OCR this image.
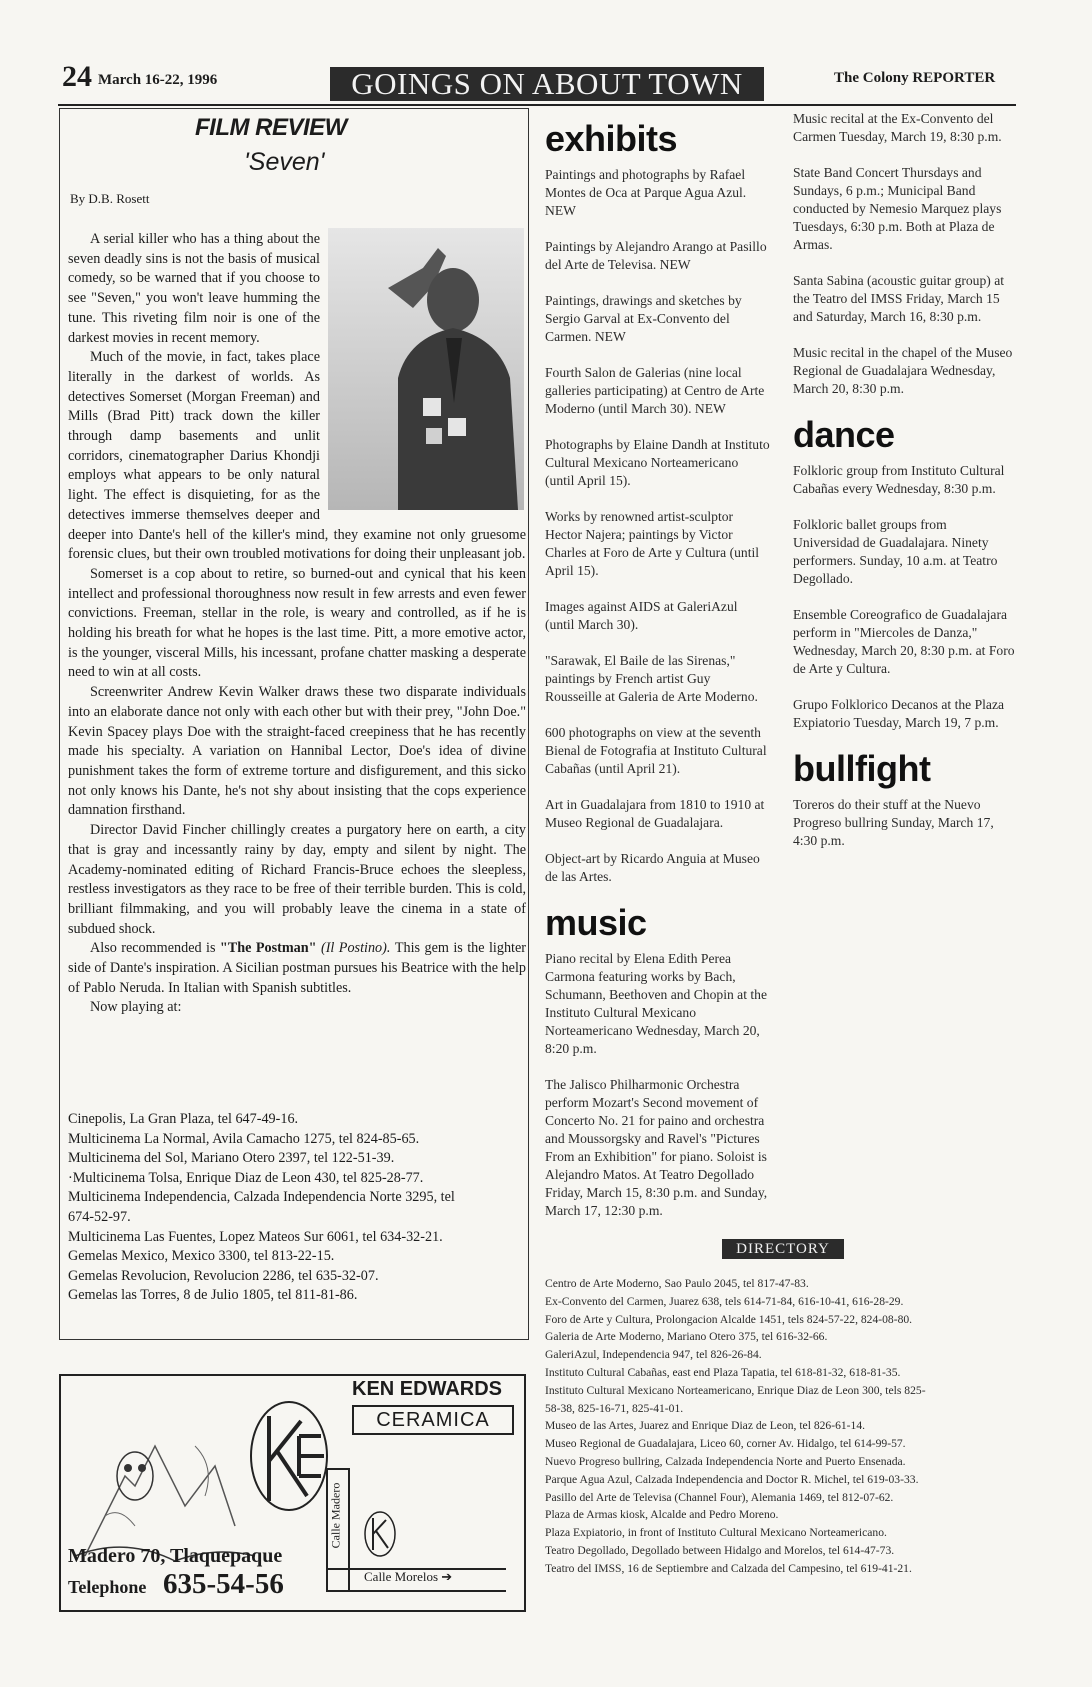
24 March 16-22, 1996	GOINGS ON ABOUT TOWN	The Colony REPORTER
FILM REVIEW
'Seven'
By D.B. Rosett

A serial killer who has a thing about the seven deadly sins is not the basis of musical comedy, so be warned that if you choose to see "Seven," you won't leave humming the tune. This riveting film noir is one of the darkest movies in recent memory.

Much of the movie, in fact, takes place literally in the darkest of worlds. As detectives Somerset (Morgan Freeman) and Mills (Brad Pitt) track down the killer through damp basements and unlit corridors, cinematographer Darius Khondji employs what appears to be only natural light. The effect is disquieting, for as the detectives immerse themselves deeper and deeper into Dante's hell of the killer's mind, they examine not only gruesome forensic clues, but their own troubled motivations for doing their unpleasant job.

Somerset is a cop about to retire, so burned-out and cynical that his keen intellect and professional thoroughness now result in few arrests and even fewer convictions. Freeman, stellar in the role, is weary and controlled, as if he is holding his breath for what he hopes is the last time. Pitt, a more emotive actor, is the younger, visceral Mills, his incessant, profane chatter masking a desperate need to win at all costs.

Screenwriter Andrew Kevin Walker draws these two disparate individuals into an elaborate dance not only with each other but with their prey, "John Doe." Kevin Spacey plays Doe with the straight-faced creepiness that he has recently made his specialty. A variation on Hannibal Lector, Doe's idea of divine punishment takes the form of extreme torture and disfigurement, and this sicko not only knows his Dante, he's not shy about insisting that the cops experience damnation firsthand.

Director David Fincher chillingly creates a purgatory here on earth, a city that is gray and incessantly rainy by day, empty and silent by night. The Academy-nominated editing of Richard Francis-Bruce echoes the sleepless, restless investigators as they race to be free of their terrible burden. This is cold, brilliant filmmaking, and you will probably leave the cinema in a state of subdued shock.

Also recommended is "The Postman" (Il Postino). This gem is the lighter side of Dante's inspiration. A Sicilian postman pursues his Beatrice with the help of Pablo Neruda. In Italian with Spanish subtitles.

Now playing at:

Cinepolis, La Gran Plaza, tel 647-49-16.
Multicinema La Normal, Avila Camacho 1275, tel 824-85-65.
Multicinema del Sol, Mariano Otero 2397, tel 122-51-39.
·Multicinema Tolsa, Enrique Diaz de Leon 430, tel 825-28-77.
Multicinema Independencia, Calzada Independencia Norte 3295, tel
674-52-97.
Multicinema Las Fuentes, Lopez Mateos Sur 6061, tel 634-32-21.
Gemelas Mexico, Mexico 3300, tel 813-22-15.
Gemelas Revolucion, Revolucion 2286, tel 635-32-07.
Gemelas las Torres, 8 de Julio 1805, tel 811-81-86.
Calle Madero
Calle Morelos ➔
KEN EDWARDS
CERAMICA
Madero 70, Tlaquepaque
Telephone 635-54-56
exhibits

Paintings and photographs by Rafael Montes de Oca at Parque Agua Azul. NEW

Paintings by Alejandro Arango at Pasillo del Arte de Televisa. NEW

Paintings, drawings and sketches by Sergio Garval at Ex-Convento del Carmen. NEW

Fourth Salon de Galerias (nine local galleries participating) at Centro de Arte Moderno (until March 30). NEW

Photographs by Elaine Dandh at Instituto Cultural Mexicano Norteamericano (until April 15).

Works by renowned artist-sculptor Hector Najera; paintings by Victor Charles at Foro de Arte y Cultura (until April 15).

Images against AIDS at GaleriAzul (until March 30).

"Sarawak, El Baile de las Sirenas," paintings by French artist Guy Rousseille at Galeria de Arte Moderno.

600 photographs on view at the seventh Bienal de Fotografia at Instituto Cultural Cabañas (until April 21).

Art in Guadalajara from 1810 to 1910 at Museo Regional de Guadalajara.

Object-art by Ricardo Anguia at Museo de las Artes.

music

Piano recital by Elena Edith Perea Carmona featuring works by Bach, Schumann, Beethoven and Chopin at the Instituto Cultural Mexicano Norteamericano Wednesday, March 20, 8:20 p.m.

The Jalisco Philharmonic Orchestra perform Mozart's Second movement of Concerto No. 21 for paino and orchestra and Moussorgsky and Ravel's "Pictures From an Exhibition" for piano. Soloist is Alejandro Matos. At Teatro Degollado Friday, March 15, 8:30 p.m. and Sunday, March 17, 12:30 p.m.

Music recital at the Ex-Convento del Carmen Tuesday, March 19, 8:30 p.m.

State Band Concert Thursdays and Sundays, 6 p.m.; Municipal Band conducted by Nemesio Marquez plays Tuesdays, 6:30 p.m. Both at Plaza de Armas.

Santa Sabina (acoustic guitar group) at the Teatro del IMSS Friday, March 15 and Saturday, March 16, 8:30 p.m.

Music recital in the chapel of the Museo Regional de Guadalajara Wednesday, March 20, 8:30 p.m.

dance

Folkloric group from Instituto Cultural Cabañas every Wednesday, 8:30 p.m.

Folkloric ballet groups from Universidad de Guadalajara. Ninety performers. Sunday, 10 a.m. at Teatro Degollado.

Ensemble Coreografico de Guadalajara perform in "Miercoles de Danza," Wednesday, March 20, 8:30 p.m. at Foro de Arte y Cultura.

Grupo Folklorico Decanos at the Plaza Expiatorio Tuesday, March 19, 7 p.m.

bullfight

Toreros do their stuff at the Nuevo Progreso bullring Sunday, March 17, 4:30 p.m.

DIRECTORY
Centro de Arte Moderno, Sao Paulo 2045, tel 817-47-83.
Ex-Convento del Carmen, Juarez 638, tels 614-71-84, 616-10-41, 616-28-29.
Foro de Arte y Cultura, Prolongacion Alcalde 1451, tels 824-57-22, 824-08-80.
Galeria de Arte Moderno, Mariano Otero 375, tel 616-32-66.
GaleriAzul, Independencia 947, tel 826-26-84.
Instituto Cultural Cabañas, east end Plaza Tapatia, tel 618-81-32, 618-81-35.
Instituto Cultural Mexicano Norteamericano, Enrique Diaz de Leon 300, tels 825-
58-38, 825-16-71, 825-41-01.
Museo de las Artes, Juarez and Enrique Diaz de Leon, tel 826-61-14.
Museo Regional de Guadalajara, Liceo 60, corner Av. Hidalgo, tel 614-99-57.
Nuevo Progreso bullring, Calzada Independencia Norte and Puerto Ensenada.
Parque Agua Azul, Calzada Independencia and Doctor R. Michel, tel 619-03-33.
Pasillo del Arte de Televisa (Channel Four), Alemania 1469, tel 812-07-62.
Plaza de Armas kiosk, Alcalde and Pedro Moreno.
Plaza Expiatorio, in front of Instituto Cultural Mexicano Norteamericano.
Teatro Degollado, Degollado between Hidalgo and Morelos, tel 614-47-73.
Teatro del IMSS, 16 de Septiembre and Calzada del Campesino, tel 619-41-21.
